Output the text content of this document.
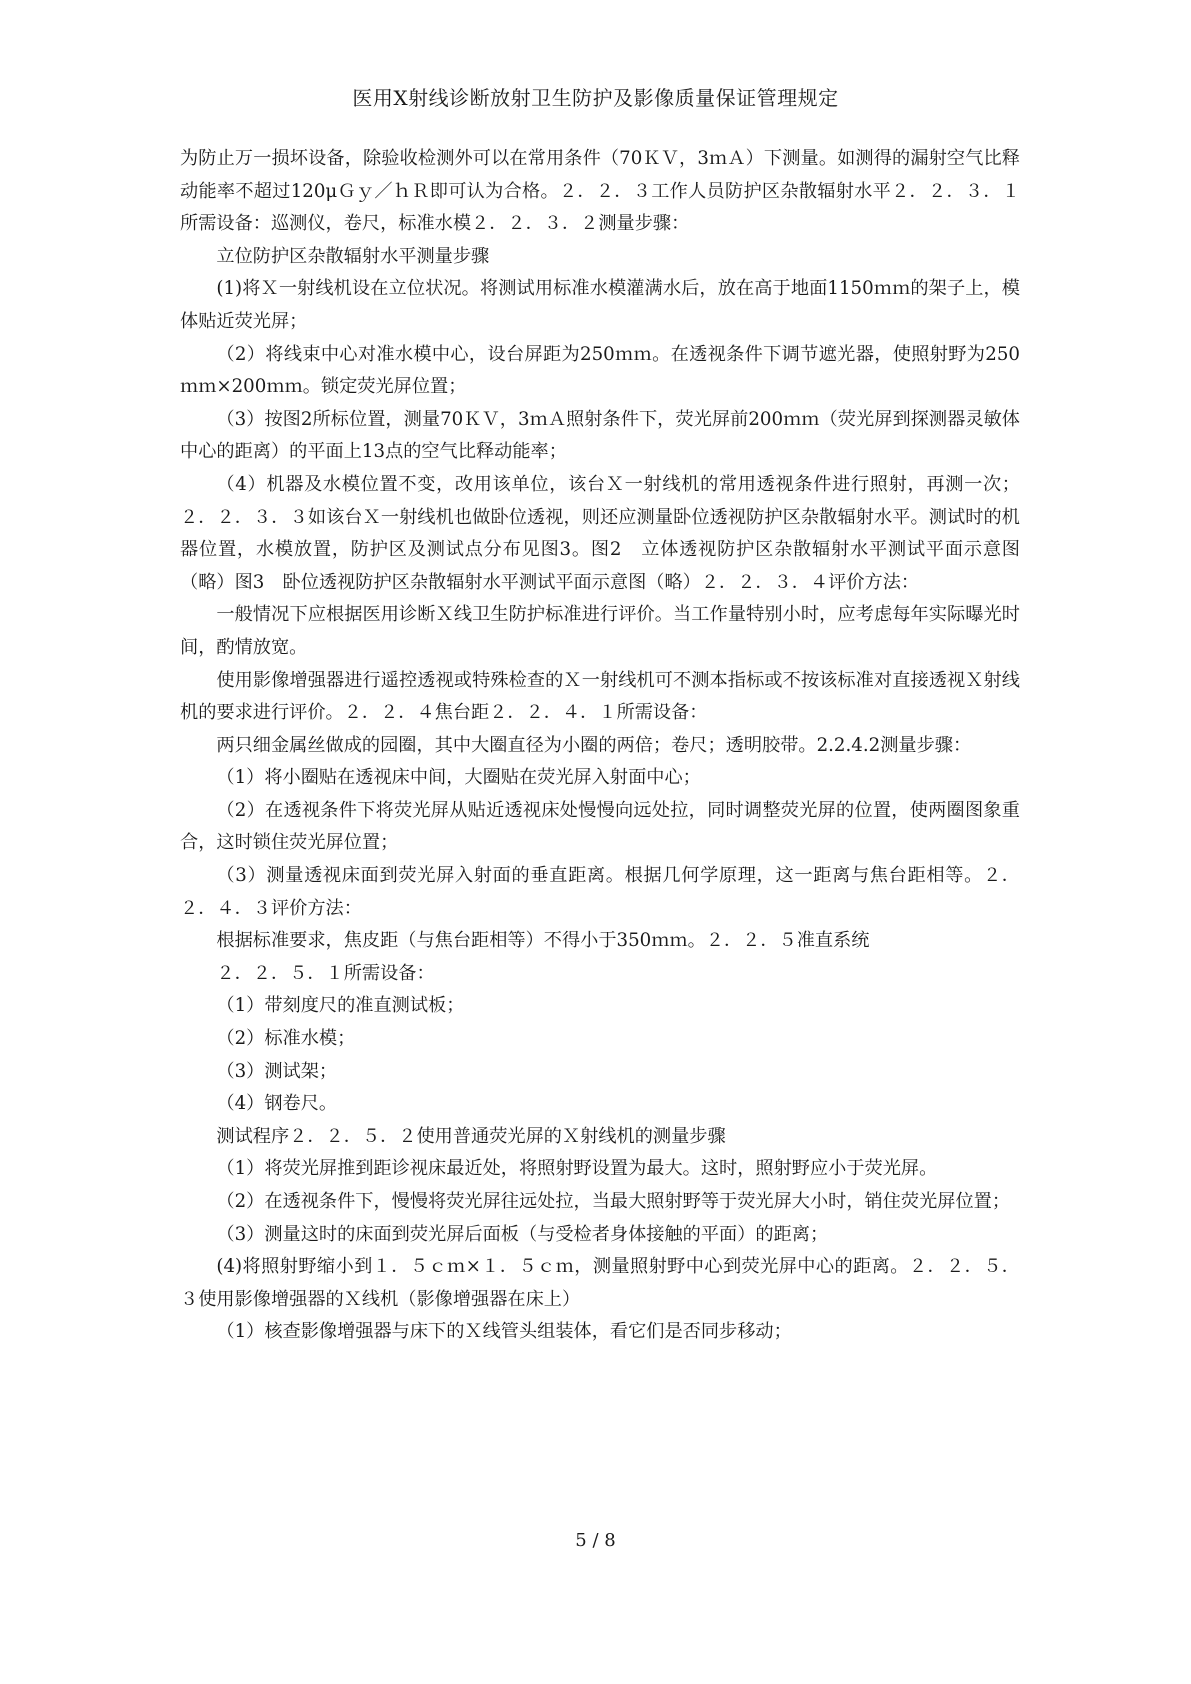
医用X射线诊断放射卫生防护及影像质量保证管理规定

为防止万一损坏设备，除验收检测外可以在常用条件（70ＫＶ，3ｍＡ）下测量。如测得的漏射空气比释动能率不超过120μＧｙ／ｈＲ即可认为合格。２．２．３工作人员防护区杂散辐射水平２．２．３．１所需设备：巡测仪，卷尺，标准水模２．２．３．２测量步骤：

立位防护区杂散辐射水平测量步骤

(1)将Ｘ一射线机设在立位状况。将测试用标准水模灌满水后，放在高于地面1150ｍｍ的架子上，模体贴近荧光屏；

（2）将线束中心对准水模中心，设台屏距为250ｍｍ。在透视条件下调节遮光器，使照射野为250ｍｍ×200ｍｍ。锁定荧光屏位置；

（3）按图2所标位置，测量70ＫＶ，3ｍＡ照射条件下，荧光屏前200ｍｍ（荧光屏到探测器灵敏体中心的距离）的平面上13点的空气比释动能率；

（4）机器及水模位置不变，改用该单位，该台Ｘ一射线机的常用透视条件进行照射，再测一次；２．２．３．３如该台Ｘ一射线机也做卧位透视，则还应测量卧位透视防护区杂散辐射水平。测试时的机器位置，水模放置，防护区及测试点分布见图3。图2　立体透视防护区杂散辐射水平测试平面示意图（略）图3　卧位透视防护区杂散辐射水平测试平面示意图（略）２．２．３．４评价方法：

一般情况下应根据医用诊断Ｘ线卫生防护标准进行评价。当工作量特别小时，应考虑每年实际曝光时间，酌情放宽。

使用影像增强器进行遥控透视或特殊检查的Ｘ一射线机可不测本指标或不按该标准对直接透视Ｘ射线机的要求进行评价。２．２．４焦台距２．２．４．１所需设备：

两只细金属丝做成的园圈，其中大圈直径为小圈的两倍；卷尺；透明胶带。2.2.4.2测量步骤：

（1）将小圈贴在透视床中间，大圈贴在荧光屏入射面中心；

（2）在透视条件下将荧光屏从贴近透视床处慢慢向远处拉，同时调整荧光屏的位置，使两圈图象重合，这时锁住荧光屏位置；

（3）测量透视床面到荧光屏入射面的垂直距离。根据几何学原理，这一距离与焦台距相等。２．２．４．３评价方法：

根据标准要求，焦皮距（与焦台距相等）不得小于350ｍｍ。２．２．５准直系统

２．２．５．１所需设备：

（1）带刻度尺的准直测试板；

（2）标准水模；

（3）测试架；

（4）钢卷尺。

测试程序２．２．５．２使用普通荧光屏的Ｘ射线机的测量步骤

（1）将荧光屏推到距诊视床最近处，将照射野设置为最大。这时，照射野应小于荧光屏。

（2）在透视条件下，慢慢将荧光屏往远处拉，当最大照射野等于荧光屏大小时，销住荧光屏位置；

（3）测量这时的床面到荧光屏后面板（与受检者身体接触的平面）的距离；

(4)将照射野缩小到１．５ｃｍ×１．５ｃｍ，测量照射野中心到荧光屏中心的距离。２．２．５．３使用影像增强器的Ｘ线机（影像增强器在床上）

（1）核查影像增强器与床下的Ｘ线管头组装体，看它们是否同步移动；

5 / 8
